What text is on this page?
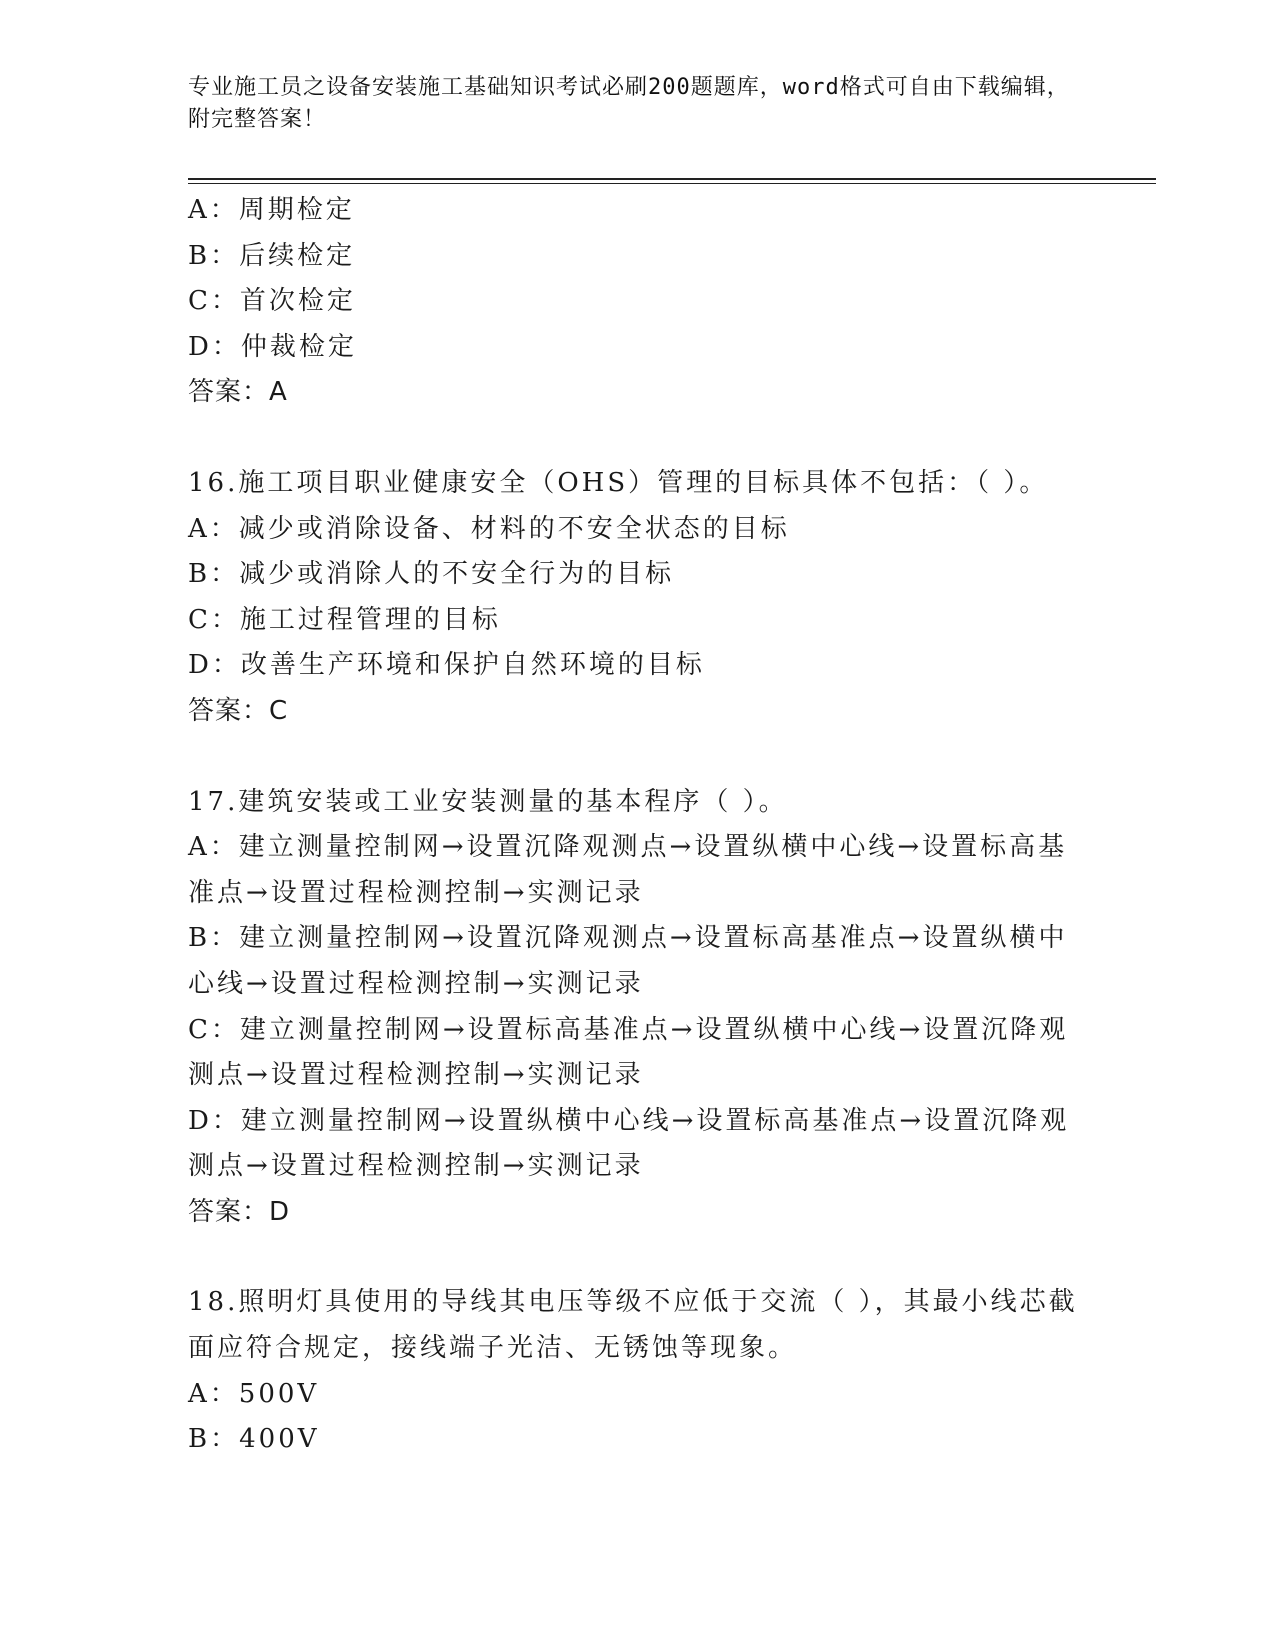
专业施工员之设备安装施工基础知识考试必刷200题题库，word格式可自由下载编辑，附完整答案！

A：周期检定

B：后续检定

C：首次检定

D：仲裁检定

答案：A

16.施工项目职业健康安全（OHS）管理的目标具体不包括：（ ）。

A：减少或消除设备、材料的不安全状态的目标

B：减少或消除人的不安全行为的目标

C：施工过程管理的目标

D：改善生产环境和保护自然环境的目标

答案：C

17.建筑安装或工业安装测量的基本程序（ ）。

A：建立测量控制网→设置沉降观测点→设置纵横中心线→设置标高基准点→设置过程检测控制→实测记录

B：建立测量控制网→设置沉降观测点→设置标高基准点→设置纵横中心线→设置过程检测控制→实测记录

C：建立测量控制网→设置标高基准点→设置纵横中心线→设置沉降观测点→设置过程检测控制→实测记录

D：建立测量控制网→设置纵横中心线→设置标高基准点→设置沉降观测点→设置过程检测控制→实测记录

答案：D

18.照明灯具使用的导线其电压等级不应低于交流（ ），其最小线芯截面应符合规定，接线端子光洁、无锈蚀等现象。

A：500V

B：400V
